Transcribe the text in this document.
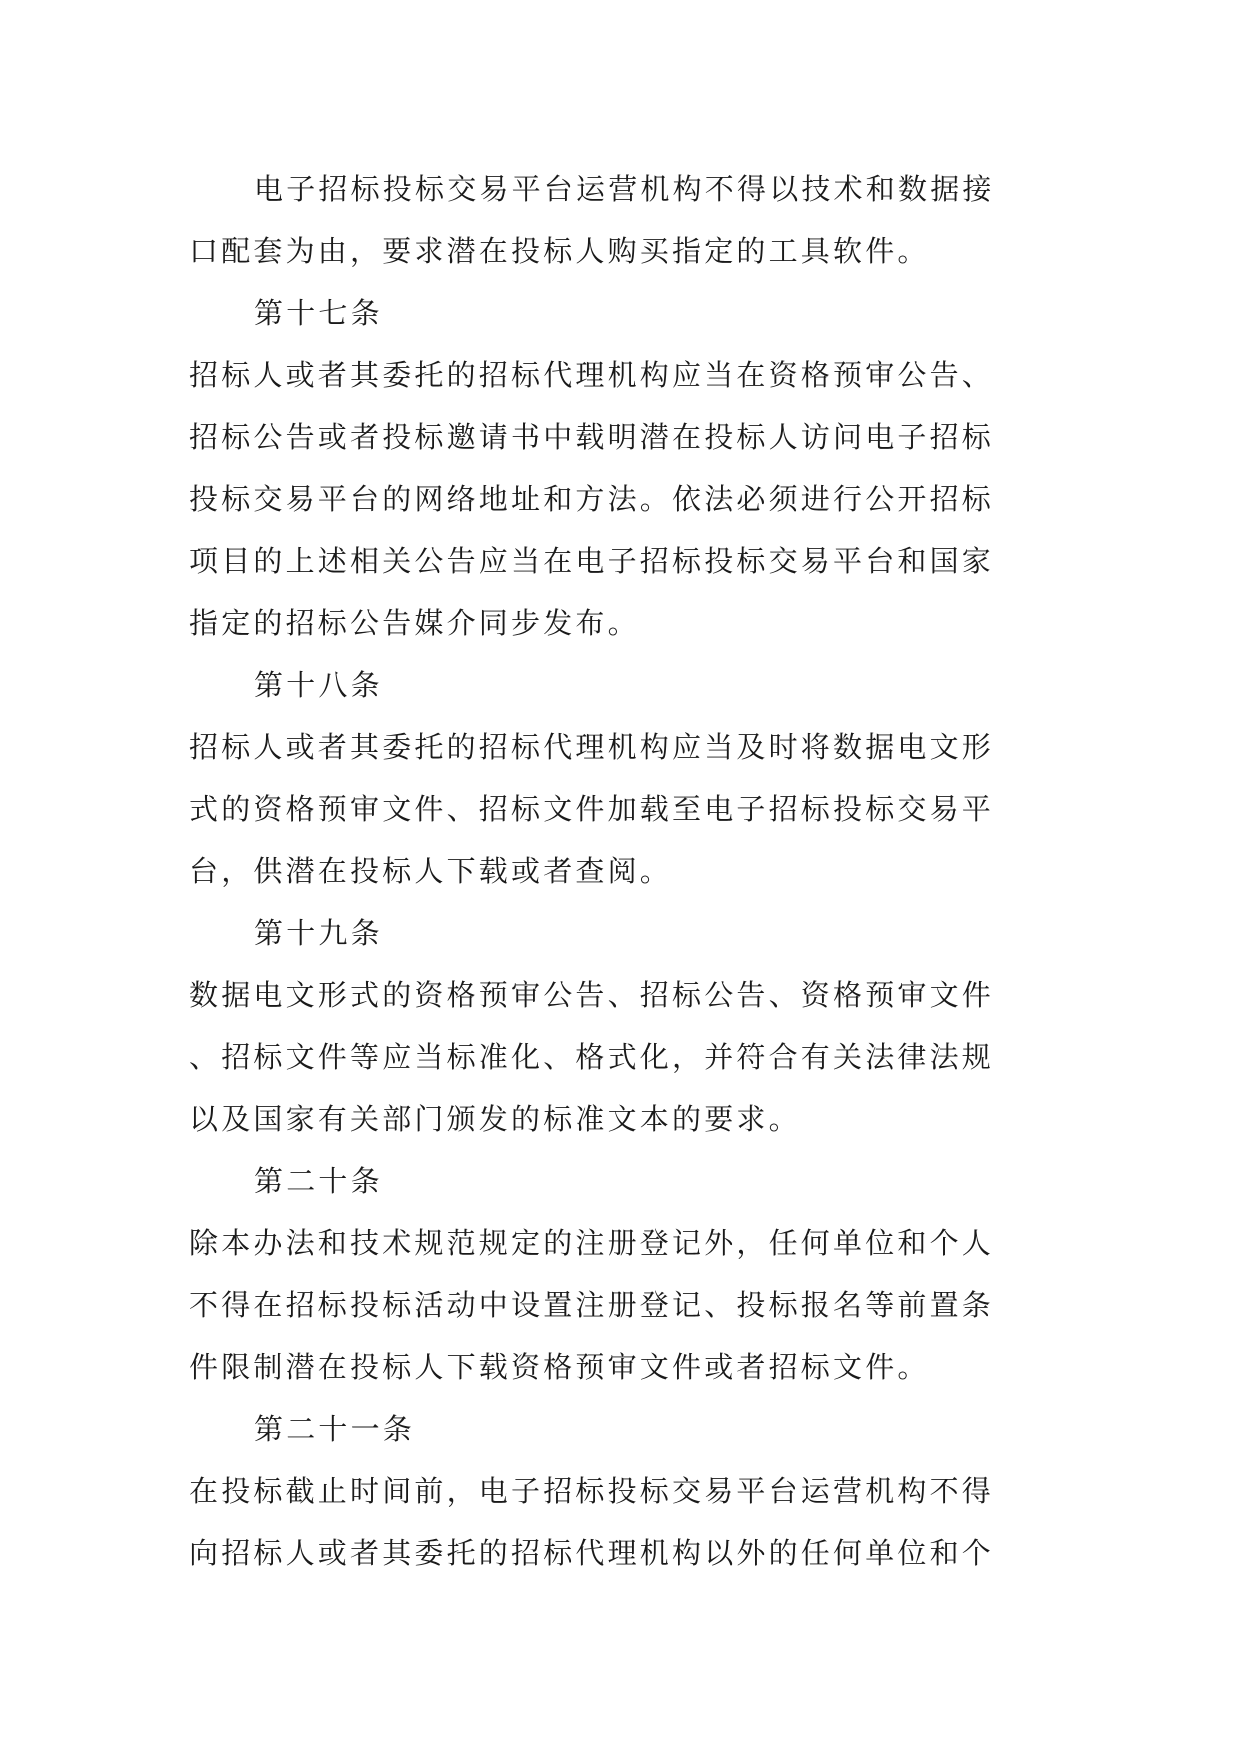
电子招标投标交易平台运营机构不得以技术和数据接
口配套为由，要求潜在投标人购买指定的工具软件。
第十七条
招标人或者其委托的招标代理机构应当在资格预审公告、
招标公告或者投标邀请书中载明潜在投标人访问电子招标
投标交易平台的网络地址和方法。依法必须进行公开招标
项目的上述相关公告应当在电子招标投标交易平台和国家
指定的招标公告媒介同步发布。
第十八条
招标人或者其委托的招标代理机构应当及时将数据电文形
式的资格预审文件、招标文件加载至电子招标投标交易平
台，供潜在投标人下载或者查阅。
第十九条
数据电文形式的资格预审公告、招标公告、资格预审文件
、招标文件等应当标准化、格式化，并符合有关法律法规
以及国家有关部门颁发的标准文本的要求。
第二十条
除本办法和技术规范规定的注册登记外，任何单位和个人
不得在招标投标活动中设置注册登记、投标报名等前置条
件限制潜在投标人下载资格预审文件或者招标文件。
第二十一条
在投标截止时间前，电子招标投标交易平台运营机构不得
向招标人或者其委托的招标代理机构以外的任何单位和个
